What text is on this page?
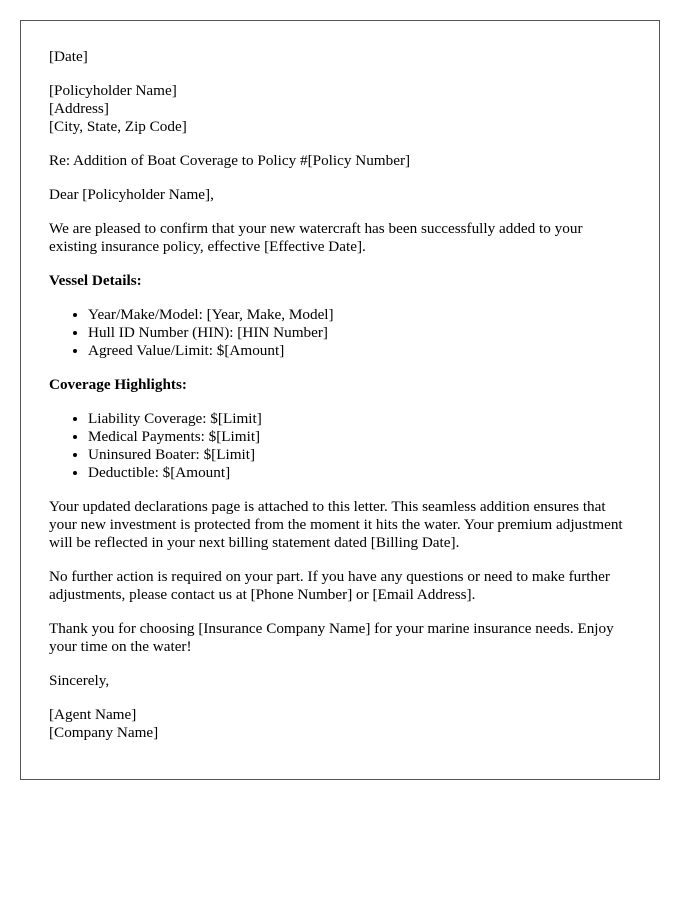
[Date]

[Policyholder Name]
[Address]
[City, State, Zip Code]

Re: Addition of Boat Coverage to Policy #[Policy Number]

Dear [Policyholder Name],

We are pleased to confirm that your new watercraft has been successfully added to your existing insurance policy, effective [Effective Date].

Vessel Details:

• Year/Make/Model: [Year, Make, Model]
• Hull ID Number (HIN): [HIN Number]
• Agreed Value/Limit: $[Amount]

Coverage Highlights:

• Liability Coverage: $[Limit]
• Medical Payments: $[Limit]
• Uninsured Boater: $[Limit]
• Deductible: $[Amount]

Your updated declarations page is attached to this letter. This seamless addition ensures that your new investment is protected from the moment it hits the water. Your premium adjustment will be reflected in your next billing statement dated [Billing Date].

No further action is required on your part. If you have any questions or need to make further adjustments, please contact us at [Phone Number] or [Email Address].

Thank you for choosing [Insurance Company Name] for your marine insurance needs. Enjoy your time on the water!

Sincerely,

[Agent Name]
[Company Name]
